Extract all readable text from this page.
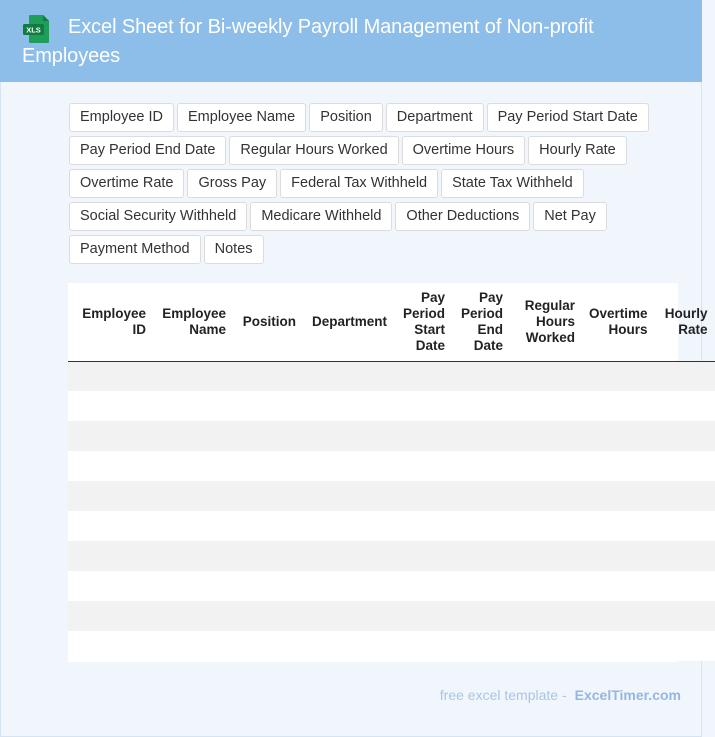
XLS	Excel Sheet for Bi-weekly Payroll Management of Non-profit Employees
Employee ID	Employee Name	Position	Department	Pay Period Start Date
Pay Period End Date	Regular Hours Worked	Overtime Hours	Hourly Rate
Overtime Rate	Gross Pay	Federal Tax Withheld	State Tax Withheld
Social Security Withheld	Medicare Withheld	Other Deductions	Net Pay
Payment Method	Notes
Employee ID	Employee Name	Position	Department	Pay Period Start Date	Pay Period End Date	Regular Hours Worked	Overtime Hours	Hourly Rate

free excel template - ExcelTimer.com
